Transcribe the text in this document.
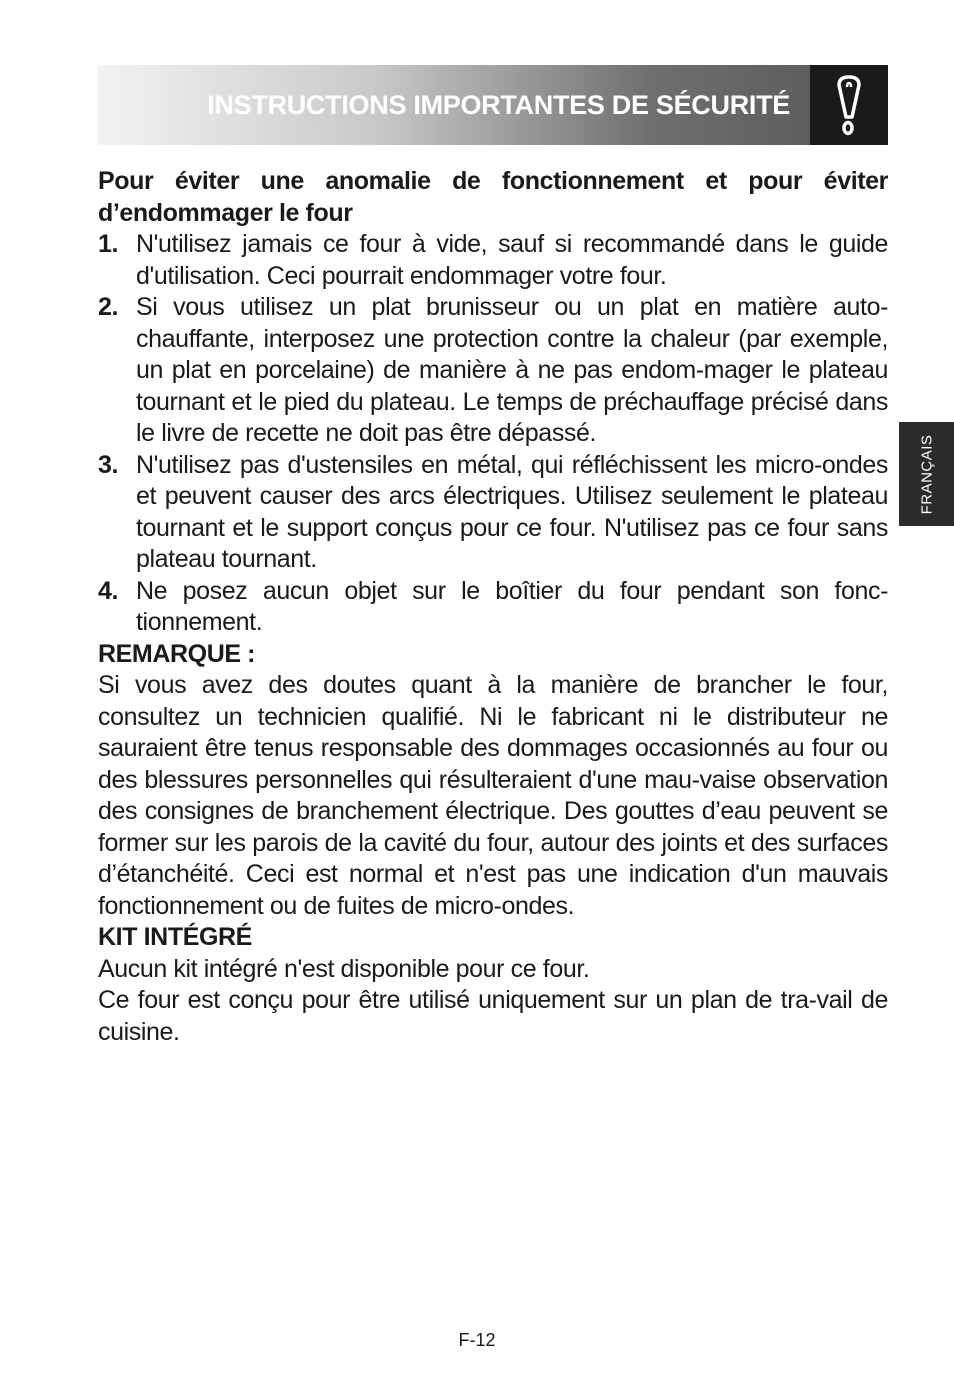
INSTRUCTIONS IMPORTANTES DE SÉCURITÉ
FRANÇAIS

Pour éviter une anomalie de fonctionnement et pour éviter d’endommager le four

1. N'utilisez jamais ce four à vide, sauf si recommandé dans le guide d'utilisation. Ceci pourrait endommager votre four.
2. Si vous utilisez un plat brunisseur ou un plat en matière auto-chauffante, interposez une protection contre la chaleur (par exemple, un plat en porcelaine) de manière à ne pas endom-mager le plateau tournant et le pied du plateau. Le temps de préchauffage précisé dans le livre de recette ne doit pas être dépassé.
3. N'utilisez pas d'ustensiles en métal, qui réfléchissent les micro-ondes et peuvent causer des arcs électriques. Utilisez seulement le plateau tournant et le support conçus pour ce four. N'utilisez pas ce four sans plateau tournant.
4. Ne posez aucun objet sur le boîtier du four pendant son fonc-tionnement.

REMARQUE :

Si vous avez des doutes quant à la manière de brancher le four, consultez un technicien qualifié. Ni le fabricant ni le distributeur ne sauraient être tenus responsable des dommages occasionnés au four ou des blessures personnelles qui résulteraient d'une mau-vaise observation des consignes de branchement électrique. Des gouttes d’eau peuvent se former sur les parois de la cavité du four, autour des joints et des surfaces d’étanchéité. Ceci est normal et n'est pas une indication d'un mauvais fonctionnement ou de fuites de micro-ondes.

KIT INTÉGRÉ

Aucun kit intégré n'est disponible pour ce four.

Ce four est conçu pour être utilisé uniquement sur un plan de tra-vail de cuisine.

F-12
